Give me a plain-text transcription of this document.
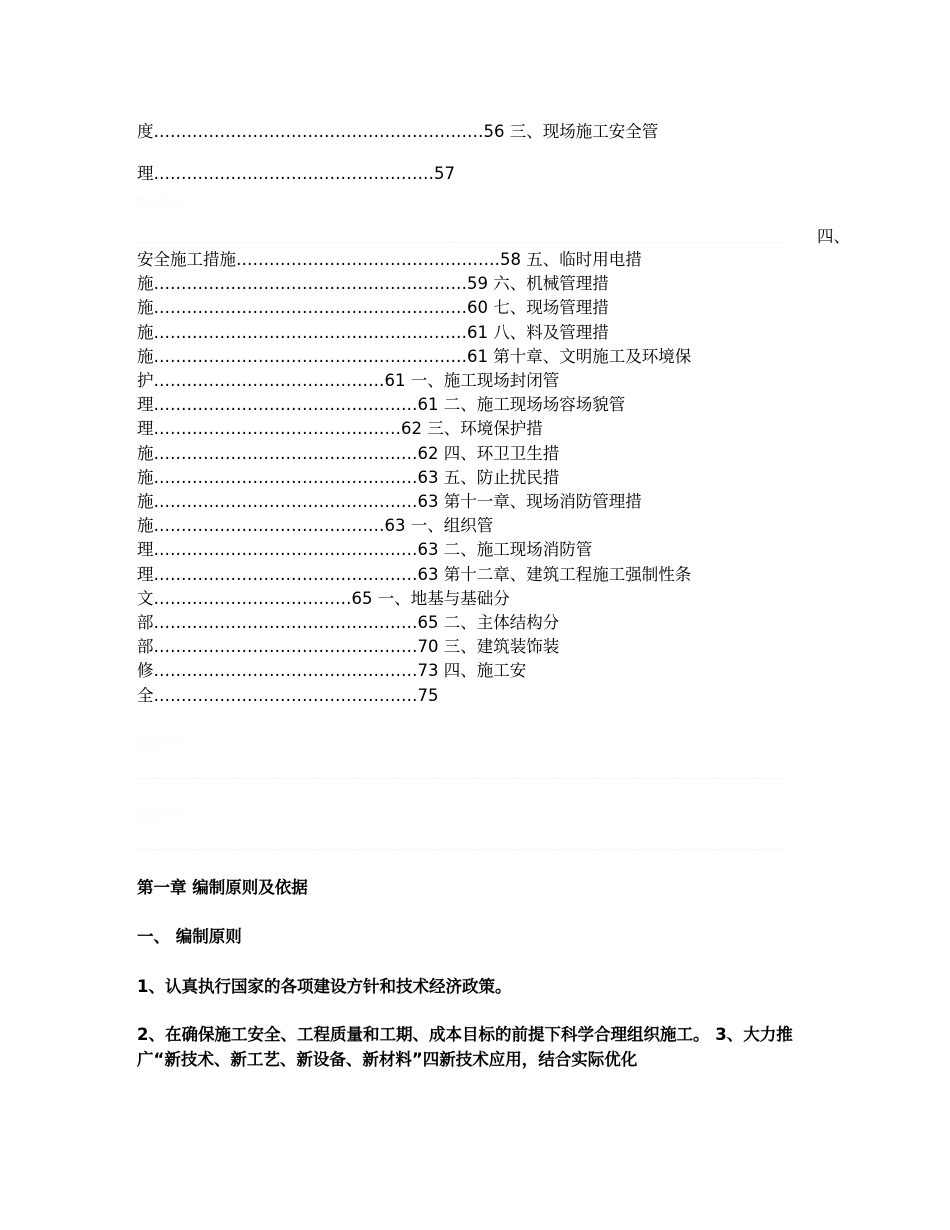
精品资料
精品资料
精品资料
度……………………………………………………56 三、现场施工安全管
理……………………………………………57
四、
安全施工措施…………………………………………58 五、临时用电措
施…………………………………………………59 六、机械管理措
施…………………………………………………60 七、现场管理措
施…………………………………………………61 八、料及管理措
施…………………………………………………61 第十章、文明施工及环境保
护……………………………………61 一、施工现场封闭管
理…………………………………………61 二、施工现场场容场貌管
理………………………………………62 三、环境保护措
施…………………………………………62 四、环卫卫生措
施…………………………………………63 五、防止扰民措
施…………………………………………63 第十一章、现场消防管理措
施……………………………………63 一、组织管
理…………………………………………63 二、施工现场消防管
理…………………………………………63 第十二章、建筑工程施工强制性条
文………………………………65 一、地基与基础分
部…………………………………………65 二、主体结构分
部…………………………………………70 三、建筑装饰装
修…………………………………………73 四、施工安
全…………………………………………75
第一章 编制原则及依据
一、 编制原则
1、认真执行国家的各项建设方针和技术经济政策。
2、在确保施工安全、工程质量和工期、成本目标的前提下科学合理组织施工。 3、大力推广“新技术、新工艺、新设备、新材料”四新技术应用，结合实际优化
